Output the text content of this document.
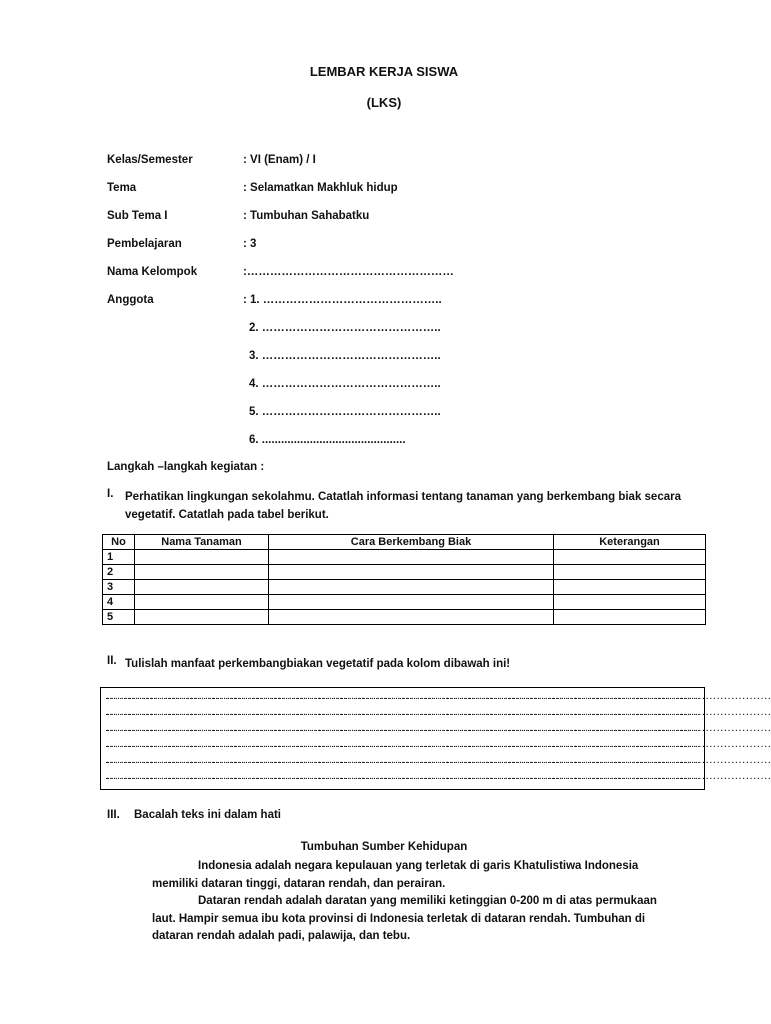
LEMBAR KERJA SISWA
(LKS)
Kelas/Semester	: VI (Enam) / I
Tema	: Selamatkan Makhluk hidup
Sub Tema I	: Tumbuhan Sahabatku
Pembelajaran	: 3
Nama Kelompok	:………………………………………………
Anggota	: 1. ………………………………………..
2. ………………………………………..
3. ………………………………………..
4. ………………………………………..
5. ………………………………………..
6. .............................................
Langkah –langkah kegiatan :
I. Perhatikan lingkungan sekolahmu. Catatlah informasi tentang tanaman yang berkembang biak secara vegetatif. Catatlah pada tabel berikut.
No	Nama Tanaman	Cara Berkembang Biak	Keterangan
1			
2			
3			
4			
5			
II. Tulislah manfaat perkembangbiakan vegetatif pada kolom dibawah ini!
......................................................................................................................................................................................
......................................................................................................................................................................................
......................................................................................................................................................................................
......................................................................................................................................................................................
......................................................................................................................................................................................
......................................................................................................................................................................................
III. Bacalah teks ini dalam hati
Tumbuhan Sumber Kehidupan
Indonesia adalah negara kepulauan yang terletak di garis Khatulistiwa Indonesia memiliki dataran tinggi, dataran rendah, dan perairan.
Dataran rendah adalah daratan yang memiliki ketinggian 0-200 m di atas permukaan laut. Hampir semua ibu kota provinsi di Indonesia terletak di dataran rendah. Tumbuhan di dataran rendah adalah padi, palawija, dan tebu.
